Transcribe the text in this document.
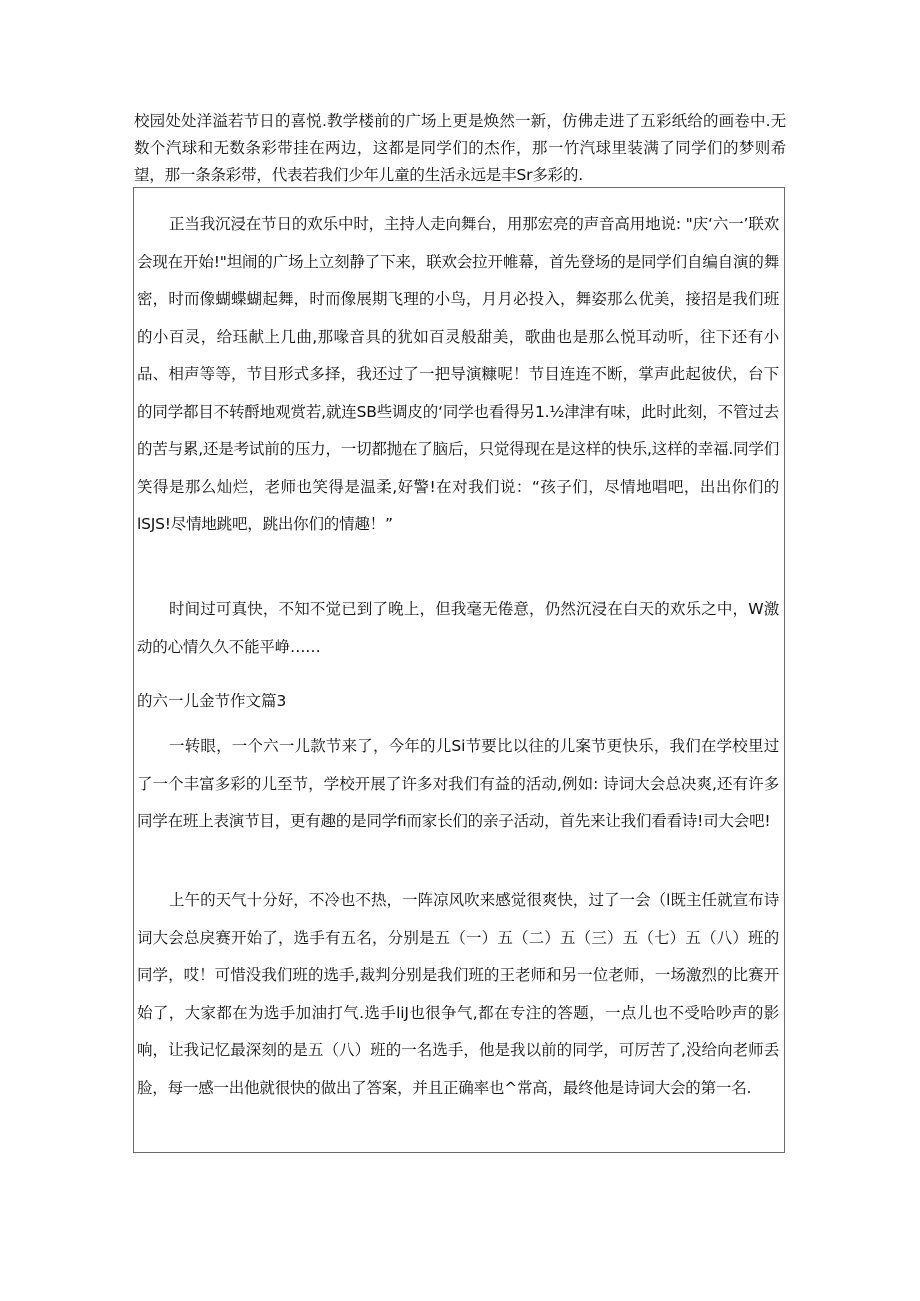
校园处处洋溢若节日的喜悦.教学楼前的广场上更是焕然一新，仿佛走进了五彩纸给的画卷中.无数个汽球和无数条彩带挂在两边，这都是同学们的杰作，那一竹汽球里装满了同学们的梦则希望，那一条条彩带，代表若我们少年儿童的生活永远是丰Sr多彩的.

正当我沉浸在节日的欢乐中时，主持人走向舞台，用那宏亮的声音高用地说: "庆‘六一’联欢会现在开始!"坦闹的广场上立刻静了下来，联欢会拉开帷幕，首先登场的是同学们自编自演的舞密，时而像蝴蝶蝴起舞，时而像展期飞理的小鸟，月月必投入，舞姿那么优美，接招是我们班的小百灵，给珏献上几曲,那喙音具的犹如百灵般甜美，歌曲也是那么悦耳动听，往下还有小品、相声等等，节目形式多择，我还过了一把导演糠呢！节目连连不断，掌声此起彼伏，台下的同学都目不转酹地观赏若,就连SB些调皮的‘同学也看得另1.½津津有味，此时此刻，不管过去的苦与累,还是考试前的压力，一切都抛在了脑后，只觉得现在是这样的快乐,这样的幸福.同学们笑得是那么灿烂，老师也笑得是温柔,好警!在对我们说：“孩子们，尽情地唱吧，出出你们的lSJS!尽情地跳吧，跳出你们的情趣！”

时间过可真快，不知不觉已到了晚上，但我毫无倦意，仍然沉浸在白天的欢乐之中，W激动的心情久久不能平峥……

的六一儿金节作文篇3

一转眼，一个六一儿款节来了，今年的儿Si节要比以往的儿案节更快乐，我们在学校里过了一个丰富多彩的儿至节，学校开展了许多对我们有益的活动,例如: 诗词大会总决爽,还有许多同学在班上表演节目，更有趣的是同学fi而家长们的亲子活动，首先来让我们看看诗!司大会吧!

上午的天气十分好，不冷也不热，一阵凉风吹来感觉很爽快，过了一会（l既主任就宣布诗词大会总戾赛开始了，选手有五名，分别是五（一）五（二）五（三）五（七）五（八）班的同学，哎！可惜没我们班的选手,裁判分别是我们班的王老师和另一位老师，一场激烈的比赛开始了，大家都在为选手加油打气.选手liJ也很争气,都在专注的答题，一点儿也不受哈吵声的影响，让我记忆最深刻的是五（八）班的一名选手，他是我以前的同学，可厉苦了,没给向老师丢脸，每一感一出他就很快的做出了答案，并且正确率也^常高，最终他是诗词大会的第一名.
